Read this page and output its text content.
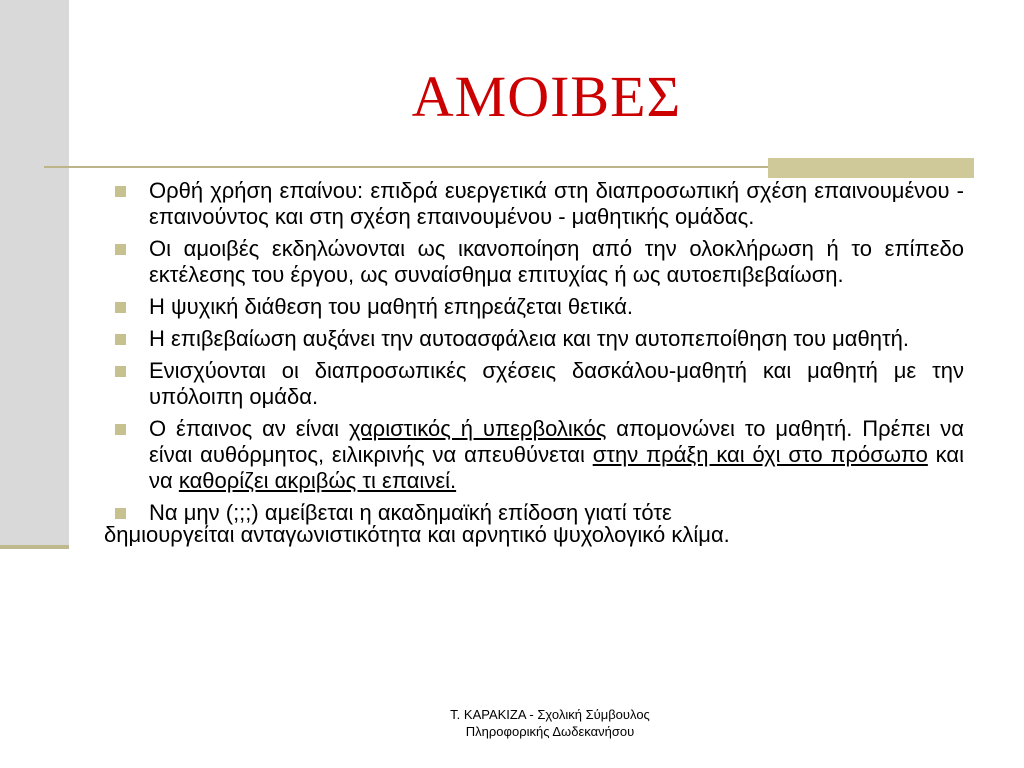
ΑΜΟΙΒΕΣ
Ορθή χρήση επαίνου: επιδρά ευεργετικά στη διαπροσωπική σχέση επαινουμένου - επαινούντος και στη σχέση επαινουμένου - μαθητικής ομάδας.
Οι αμοιβές εκδηλώνονται ως ικανοποίηση από την ολοκλήρωση ή το επίπεδο εκτέλεσης του έργου, ως συναίσθημα επιτυχίας ή ως αυτοεπιβεβαίωση.
Η ψυχική διάθεση του μαθητή επηρεάζεται θετικά.
Η επιβεβαίωση αυξάνει την αυτοασφάλεια και την αυτοπεποίθηση του μαθητή.
Ενισχύονται οι διαπροσωπικές σχέσεις δασκάλου-μαθητή και μαθητή με την υπόλοιπη ομάδα.
Ο έπαινος αν είναι χαριστικός ή υπερβολικός απομονώνει το μαθητή. Πρέπει να είναι αυθόρμητος, ειλικρινής να απευθύνεται στην πράξη και όχι στο πρόσωπο και να καθορίζει ακριβώς τι επαινεί.
Να μην (;;;) αμείβεται η ακαδημαϊκή επίδοση γιατί τότε
δημιουργείται ανταγωνιστικότητα και αρνητικό ψυχολογικό κλίμα.
Τ. ΚΑΡΑΚΙΖΑ - Σχολική Σύμβουλος
Πληροφορικής Δωδεκανήσου
